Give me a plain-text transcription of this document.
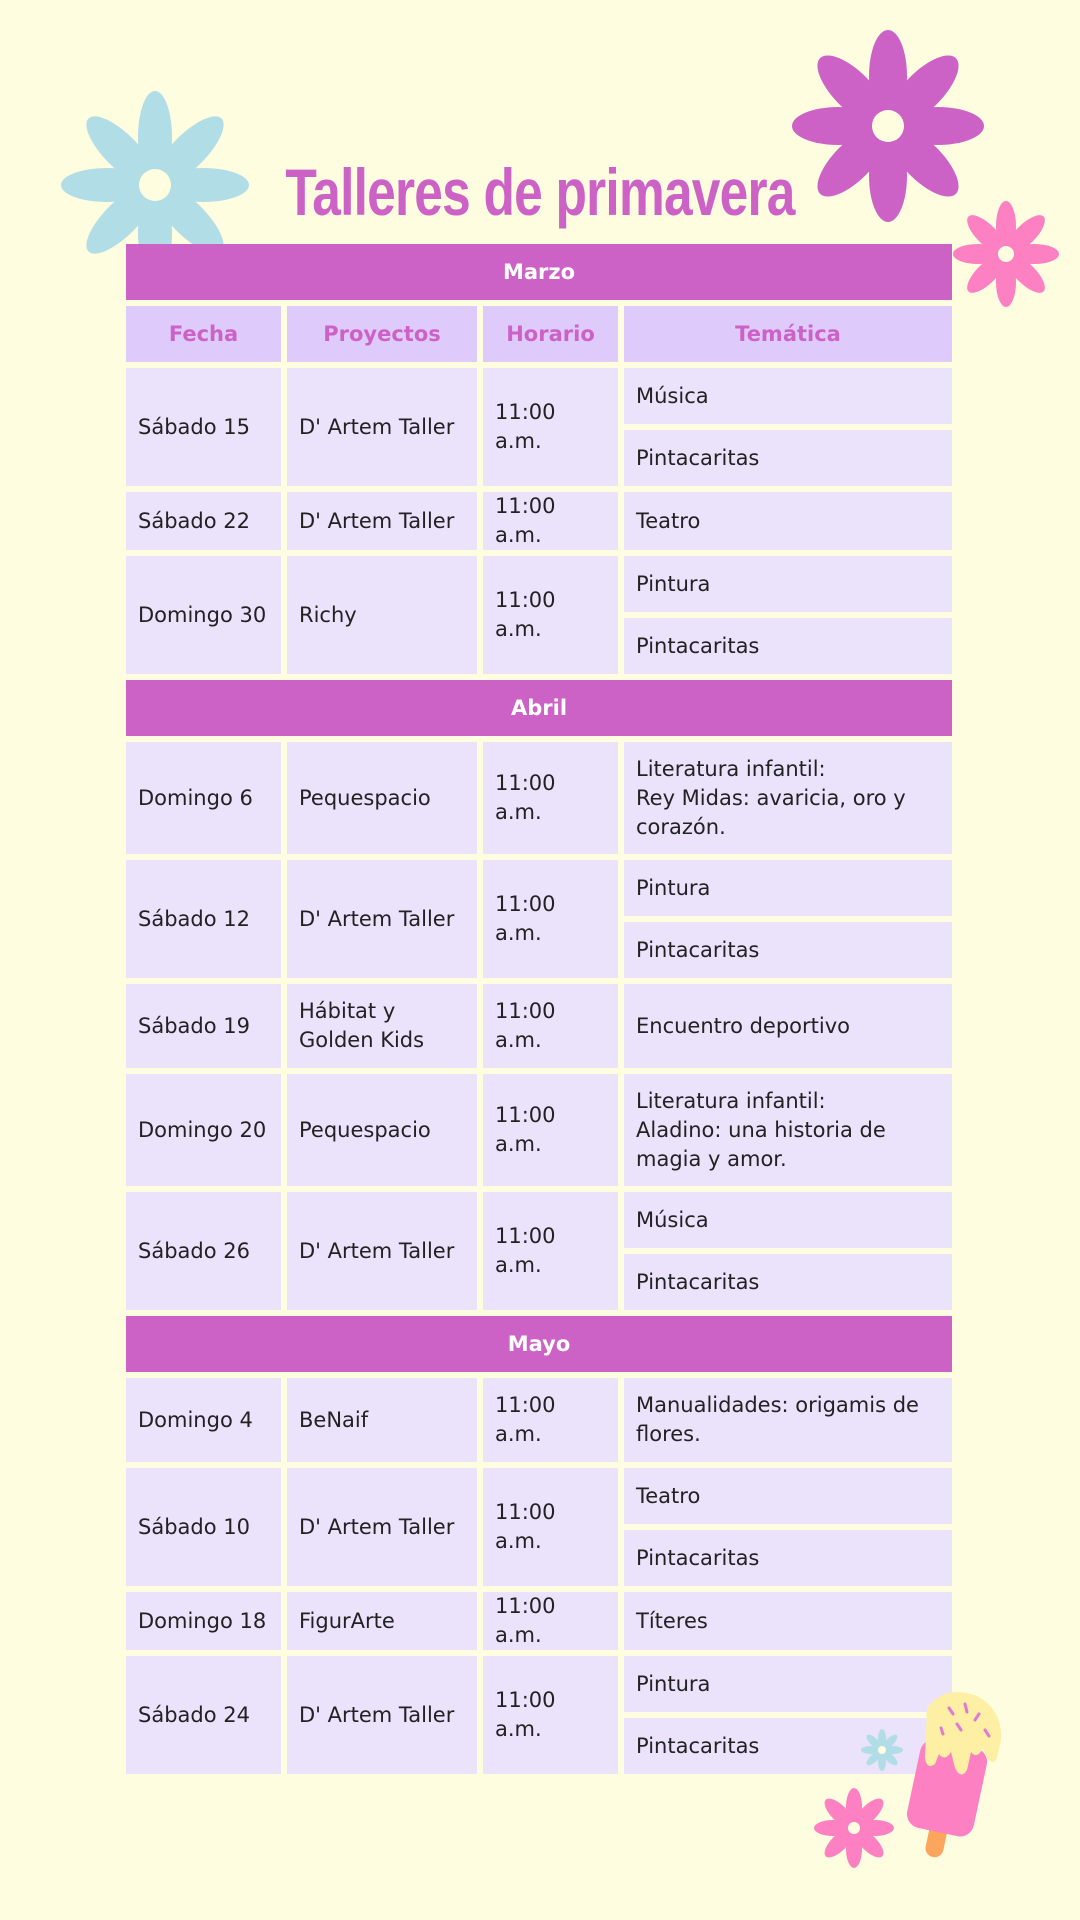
Talleres de primavera
Marzo			
Fecha	Proyectos	Horario	Temática
Sábado 15	D' Artem Taller	11:00 a.m.	Música
			Pintacaritas
Sábado 22	D' Artem Taller	11:00 a.m.	Teatro
Domingo 30	Richy	11:00 a.m.	Pintura
			Pintacaritas
Abril			
Domingo 6	Pequespacio	11:00 a.m.	Literatura infantil:
Rey Midas: avaricia, oro y corazón.
Sábado 12	D' Artem Taller	11:00 a.m.	Pintura
			Pintacaritas
Sábado 19	Hábitat y Golden Kids	11:00 a.m.	Encuentro deportivo
Domingo 20	Pequespacio	11:00 a.m.	Literatura infantil:
Aladino: una historia de magia y amor.
Sábado 26	D' Artem Taller	11:00 a.m.	Música
			Pintacaritas
Mayo			
Domingo 4	BeNaif	11:00 a.m.	Manualidades: origamis de flores.
Sábado 10	D' Artem Taller	11:00 a.m.	Teatro
			Pintacaritas
Domingo 18	FigurArte	11:00 a.m.	Títeres
Sábado 24	D' Artem Taller	11:00 a.m.	Pintura
			Pintacaritas
